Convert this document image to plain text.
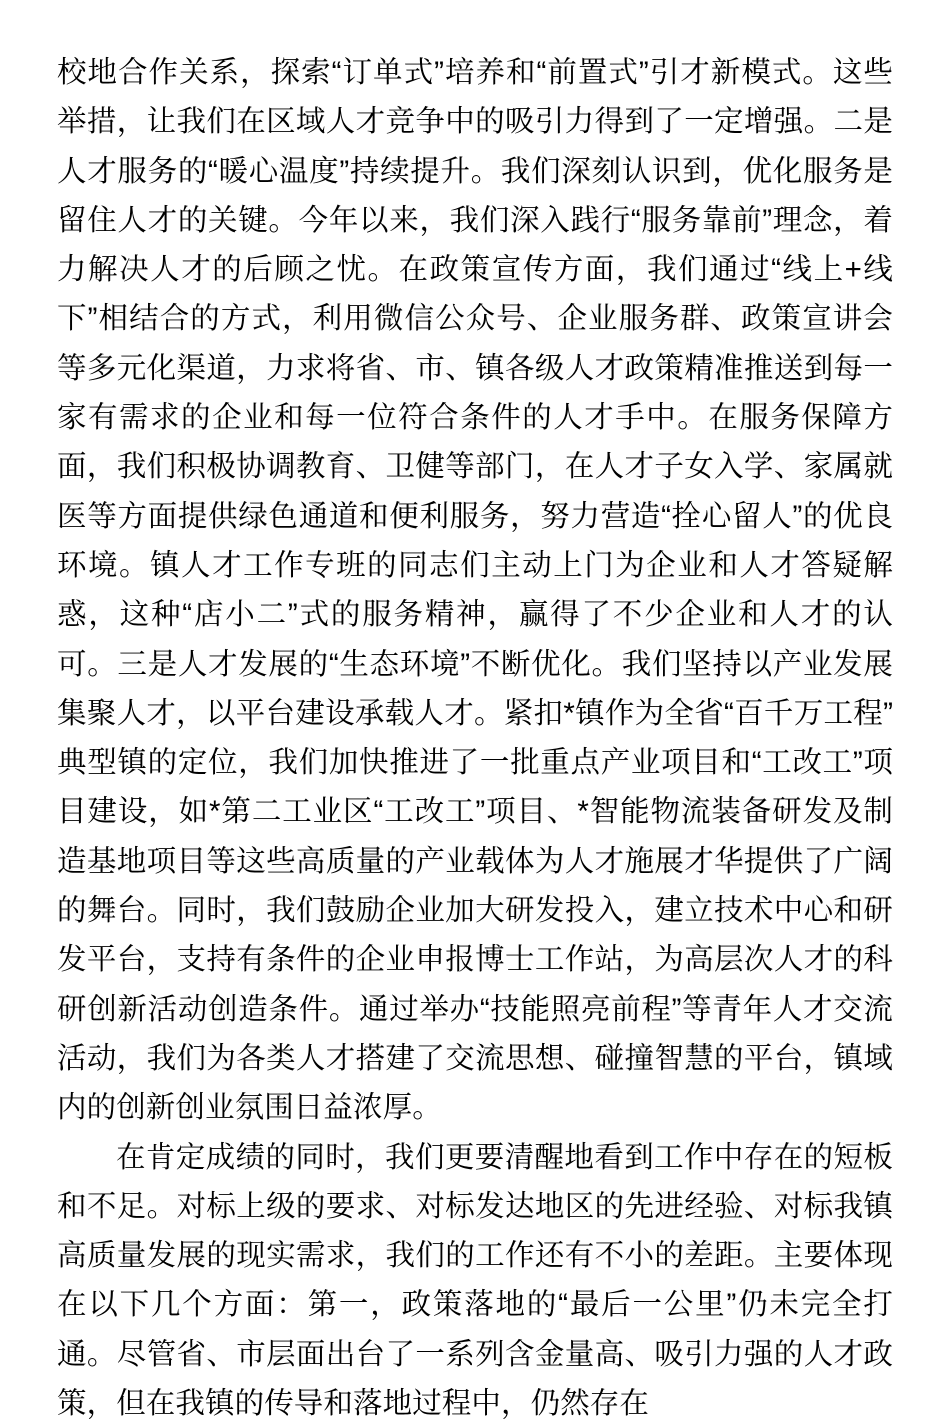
校地合作关系，探索“订单式”培养和“前置式”引才新模式。这些举措，让我们在区域人才竞争中的吸引力得到了一定增强。二是人才服务的“暖心温度”持续提升。我们深刻认识到，优化服务是留住人才的关键。今年以来，我们深入践行“服务靠前”理念，着力解决人才的后顾之忧。在政策宣传方面，我们通过“线上+线下”相结合的方式，利用微信公众号、企业服务群、政策宣讲会等多元化渠道，力求将省、市、镇各级人才政策精准推送到每一家有需求的企业和每一位符合条件的人才手中。在服务保障方面，我们积极协调教育、卫健等部门，在人才子女入学、家属就医等方面提供绿色通道和便利服务，努力营造“拴心留人”的优良环境。镇人才工作专班的同志们主动上门为企业和人才答疑解惑，这种“店小二”式的服务精神，赢得了不少企业和人才的认可。三是人才发展的“生态环境”不断优化。我们坚持以产业发展集聚人才，以平台建设承载人才。紧扣*镇作为全省“百千万工程”典型镇的定位，我们加快推进了一批重点产业项目和“工改工”项目建设，如*第二工业区“工改工”项目、*智能物流装备研发及制造基地项目等这些高质量的产业载体为人才施展才华提供了广阔的舞台。同时，我们鼓励企业加大研发投入，建立技术中心和研发平台，支持有条件的企业申报博士工作站，为高层次人才的科研创新活动创造条件。通过举办“技能照亮前程”等青年人才交流活动，我们为各类人才搭建了交流思想、碰撞智慧的平台，镇域内的创新创业氛围日益浓厚。

在肯定成绩的同时，我们更要清醒地看到工作中存在的短板和不足。对标上级的要求、对标发达地区的先进经验、对标我镇高质量发展的现实需求，我们的工作还有不小的差距。主要体现在以下几个方面：第一，政策落地的“最后一公里”仍未完全打通。尽管省、市层面出台了一系列含金量高、吸引力强的人才政策，但在我镇的传导和落地过程中，仍然存在
